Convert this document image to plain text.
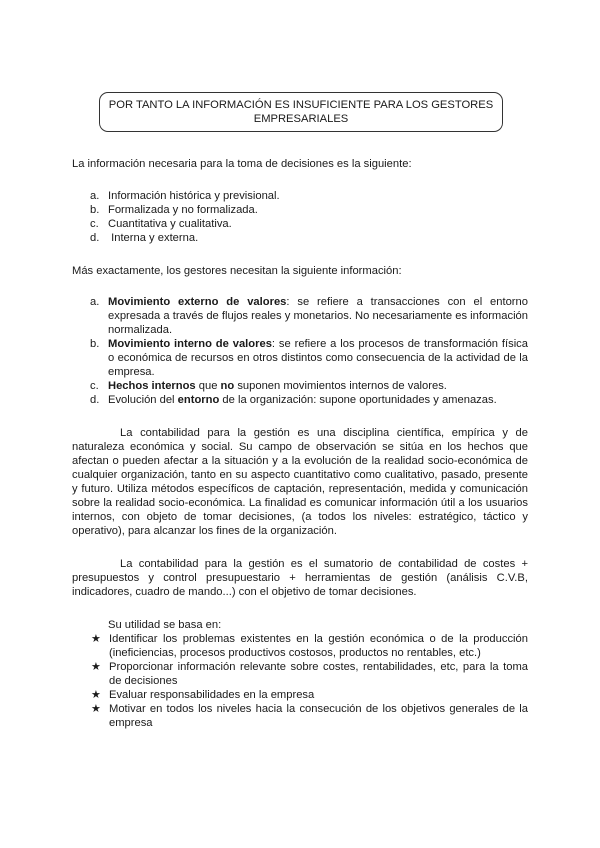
POR TANTO LA INFORMACIÓN ES INSUFICIENTE PARA LOS GESTORES
EMPRESARIALES
La información necesaria para la toma de decisiones es la siguiente:
a. Información histórica y previsional.
b. Formalizada y no formalizada.
c. Cuantitativa y cualitativa.
d. Interna y externa.
Más exactamente, los gestores necesitan la siguiente información:
a. Movimiento externo de valores: se refiere a transacciones con el entorno expresada a través de flujos reales y monetarios. No necesariamente es información normalizada.
b. Movimiento interno de valores: se refiere a los procesos de transformación física o económica de recursos en otros distintos como consecuencia de la actividad de la empresa.
c. Hechos internos que no suponen movimientos internos de valores.
d. Evolución del entorno de la organización: supone oportunidades y amenazas.
La contabilidad para la gestión es una disciplina científica, empírica y de naturaleza económica y social. Su campo de observación se sitúa en los hechos que afectan o pueden afectar a la situación y a la evolución de la realidad socio-económica de cualquier organización, tanto en su aspecto cuantitativo como cualitativo, pasado, presente y futuro. Utiliza métodos específicos de captación, representación, medida y comunicación sobre la realidad socio-económica. La finalidad es comunicar información útil a los usuarios internos, con objeto de tomar decisiones, (a todos los niveles: estratégico, táctico y operativo), para alcanzar los fines de la organización.
La contabilidad para la gestión es el sumatorio de contabilidad de costes + presupuestos y control presupuestario + herramientas de gestión (análisis C.V.B, indicadores, cuadro de mando...) con el objetivo de tomar decisiones.
Su utilidad se basa en:
★ Identificar los problemas existentes en la gestión económica o de la producción (ineficiencias, procesos productivos costosos, productos no rentables, etc.)
★ Proporcionar información relevante sobre costes, rentabilidades, etc, para la toma de decisiones
★ Evaluar responsabilidades en la empresa
★ Motivar en todos los niveles hacia la consecución de los objetivos generales de la empresa
